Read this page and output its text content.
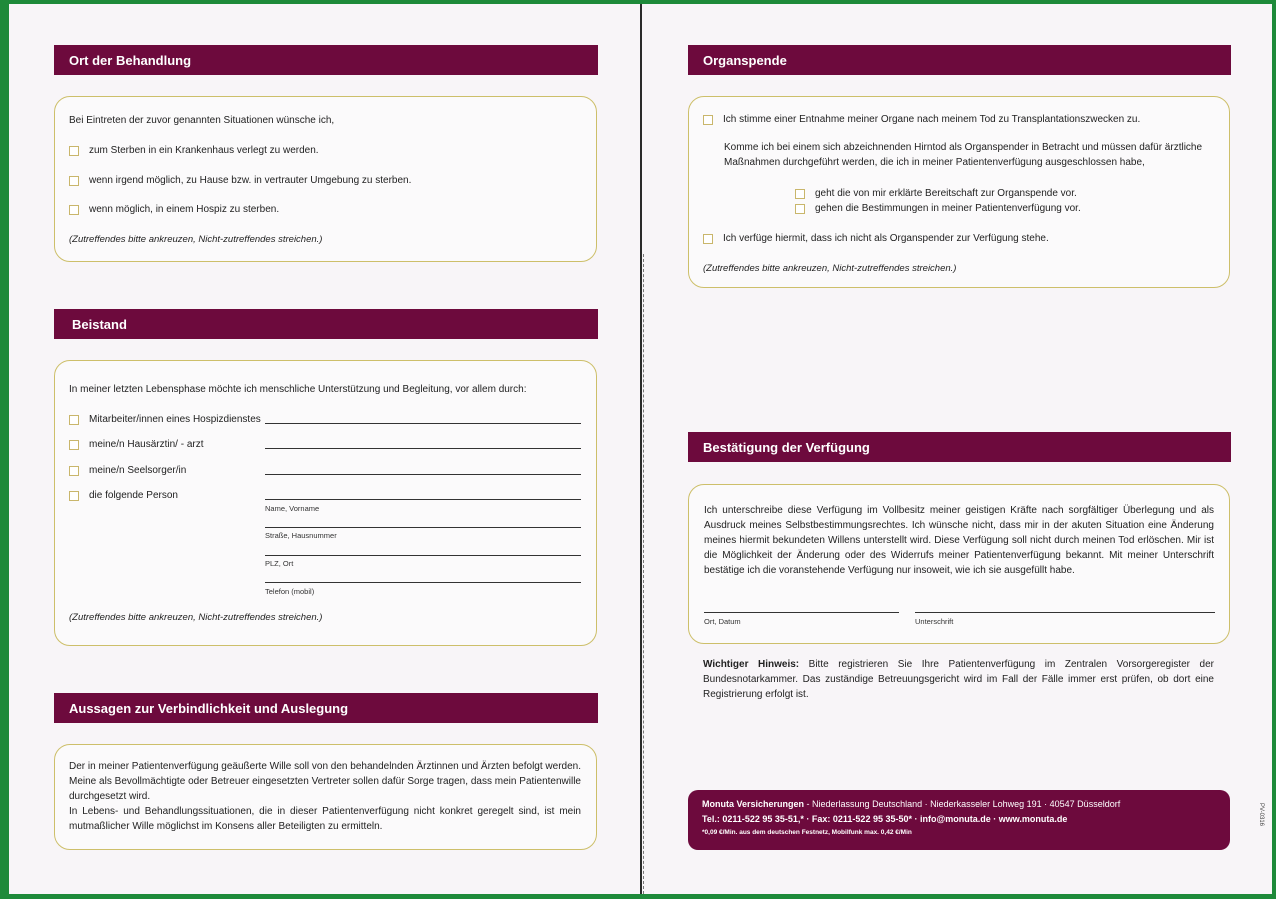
Ort der Behandlung
Bei Eintreten der zuvor genannten Situationen wünsche ich,
zum Sterben in ein Krankenhaus verlegt zu werden.
wenn irgend möglich, zu Hause bzw. in vertrauter Umgebung zu sterben.
wenn möglich, in einem Hospiz zu sterben.
(Zutreffendes bitte ankreuzen, Nicht-zutreffendes streichen.)
Beistand
In meiner letzten Lebensphase möchte ich menschliche Unterstützung und Begleitung, vor allem durch:
Mitarbeiter/innen eines Hospizdienstes
meine/n Hausärztin/ - arzt
meine/n Seelsorger/in
die folgende Person
Name, Vorname
Straße, Hausnummer
PLZ, Ort
Telefon (mobil)
(Zutreffendes bitte ankreuzen, Nicht-zutreffendes streichen.)
Aussagen zur Verbindlichkeit und Auslegung
Der in meiner Patientenverfügung geäußerte Wille soll von den behandelnden Ärztinnen und Ärzten befolgt werden. Meine als Bevollmächtigte oder Betreuer eingesetzten Vertreter sollen dafür Sorge tragen, dass mein Patientenwille durchgesetzt wird.
In Lebens- und Behandlungssituationen, die in dieser Patientenverfügung nicht konkret geregelt sind, ist mein mutmaßlicher Wille möglichst im Konsens aller Beteiligten zu ermitteln.
Organspende
Ich stimme einer Entnahme meiner Organe nach meinem Tod zu Transplantationszwecken zu.
Komme ich bei einem sich abzeichnenden Hirntod als Organspender in Betracht und müssen dafür ärztliche Maßnahmen durchgeführt werden, die ich in meiner Patientenverfügung ausgeschlossen habe,
geht die von mir erklärte Bereitschaft zur Organspende vor.
gehen die Bestimmungen in meiner Patientenverfügung vor.
Ich verfüge hiermit, dass ich nicht als Organspender zur Verfügung stehe.
(Zutreffendes bitte ankreuzen, Nicht-zutreffendes streichen.)
Bestätigung der Verfügung
Ich unterschreibe diese Verfügung im Vollbesitz meiner geistigen Kräfte nach sorgfältiger Überlegung und als Ausdruck meines Selbstbestimmungsrechtes. Ich wünsche nicht, dass mir in der akuten Situation eine Änderung meines hiermit bekundeten Willens unterstellt wird. Diese Verfügung soll nicht durch meinen Tod erlöschen. Mir ist die Möglichkeit der Änderung oder des Widerrufs meiner Patientenverfügung bekannt. Mit meiner Unterschrift bestätige ich die voranstehende Verfügung nur insoweit, wie ich sie ausgefüllt habe.
Ort, Datum	Unterschrift
Wichtiger Hinweis: Bitte registrieren Sie Ihre Patientenverfügung im Zentralen Vorsorgeregister der Bundesnotarkammer. Das zuständige Betreuungsgericht wird im Fall der Fälle immer erst prüfen, ob dort eine Registrierung erfolgt ist.
Monuta Versicherungen - Niederlassung Deutschland · Niederkasseler Lohweg 191 · 40547 Düsseldorf
Tel.: 0211-522 95 35-51,* · Fax: 0211-522 95 35-50* · info@monuta.de · www.monuta.de
*0,09 €/Min. aus dem deutschen Festnetz, Mobilfunk max. 0,42 €/Min
PV-0316
